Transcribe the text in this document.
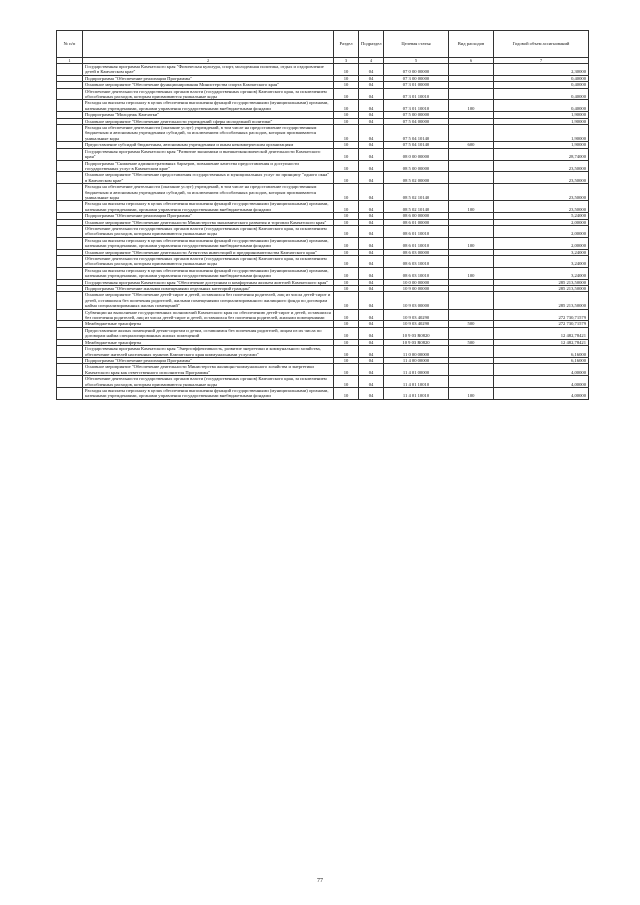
№ п/п		Раздел	Подраздел	Целевая статья	Вид расходов	Годовой объем ассигнований
1	2	3	4	5	6	7
	Государственная программа Камчатского края "Физическая культура, спорт, молодежная политика, отдых и оздоровление детей в Камчатском крае"	10	04	07 0 00 00000		2,30000
	Подпрограмма "Обеспечение реализации Программы"	10	04	07 3 00 00000		0,40000
	Основное мероприятие "Обеспечение функционирования Министерства спорта Камчатского края"	10	04	07 3 01 00000		0,40000
	Обеспечение деятельности государственных органов власти (государственных органов) Камчатского края, за исключением обособленных расходов, которым присваиваются уникальные коды	10	04	07 3 01 10010		0,40000
	Расходы на выплаты персоналу в целях обеспечения выполнения функций государственными (муниципальными) органами, казенными учреждениями, органами управления государственными внебюджетными фондами	10	04	07 3 01 10010	100	0,40000
	Подпрограмма "Молодежь Камчатки"	10	04	07 5 00 00000		1,90000
	Основное мероприятие "Обеспечение деятельности учреждений сферы молодежной политики"	10	04	07 5 04 00000		1,90000
	Расходы на обеспечение деятельности (оказание услуг) учреждений, в том числе на предоставление государственным бюджетным и автономным учреждениям субсидий, за исключением обособленных расходов, которым присваиваются уникальные коды	10	04	07 5 04 10140		1,90000
	Предоставление субсидий бюджетным, автономным учреждениям и иным некоммерческим организациям	10	04	07 5 04 10140	600	1,90000
	Государственная программа Камчатского края "Развитие экономики и внешнеэкономической деятельности Камчатского края"	10	04	08 0 00 00000		28,74000
	Подпрограмма "Снижение административных барьеров, повышение качества предоставления и доступности государственных услуг в Камчатском крае"	10	04	08 5 00 00000		23,50000
	Основное мероприятие "Обеспечение предоставления государственных и муниципальных услуг по принципу "одного окна" в Камчатском крае"	10	04	08 5 02 00000		23,50000
	Расходы на обеспечение деятельности (оказание услуг) учреждений, в том числе на предоставление государственным бюджетным и автономным учреждениям субсидий, за исключением обособленных расходов, которым присваиваются уникальные коды	10	04	08 5 02 10140		23,50000
	Расходы на выплаты персоналу в целях обеспечения выполнения функций государственными (муниципальными) органами, казенными учреждениями, органами управления государственными внебюджетными фондами	10	04	08 5 02 10140	100	23,50000
	Подпрограмма "Обеспечение реализации Программы"	10	04	08 6 00 00000		5,24000
	Основное мероприятие "Обеспечение деятельности Министерства экономического развития и торговли Камчатского края"	10	04	08 6 01 00000		2,00000
	Обеспечение деятельности государственных органов власти (государственных органов) Камчатского края, за исключением обособленных расходов, которым присваиваются уникальные коды	10	04	08 6 01 10010		2,00000
	Расходы на выплаты персоналу в целях обеспечения выполнения функций государственными (муниципальными) органами, казенными учреждениями, органами управления государственными внебюджетными фондами	10	04	08 6 01 10010	100	2,00000
	Основное мероприятие "Обеспечение деятельности Агентства инвестиций и предпринимательства Камчатского края"	10	04	08 6 03 00000		3,24000
	Обеспечение деятельности государственных органов власти (государственных органов) Камчатского края, за исключением обособленных расходов, которым присваиваются уникальные коды	10	04	08 6 03 10010		3,24000
	Расходы на выплаты персоналу в целях обеспечения выполнения функций государственными (муниципальными) органами, казенными учреждениями, органами управления государственными внебюджетными фондами	10	04	08 6 03 10010	100	3,24000
	Государственная программа Камчатского края "Обеспечение доступным и комфортным жильем жителей Камчатского края"	10	04	10 0 00 00000		285 213,50000
	Подпрограмма "Обеспечение жилыми помещениями отдельных категорий граждан"	10	04	10 9 00 00000		285 213,50000
	Основное мероприятие "Обеспечение детей-сирот и детей, оставшихся без попечения родителей, лиц из числа детей-сирот и детей, оставшихся без попечения родителей, жилыми помещениями специализированного жилищного фонда по договорам найма специализированных жилых помещений"	10	04	10 9 03 00000		285 213,50000
	Субвенции на выполнение государственных полномочий Камчатского края по обеспечению детей-сирот и детей, оставшихся без попечения родителей, лиц из числа детей-сирот и детей, оставшихся без попечения родителей, жилыми помещениями	10	04	10 9 03 40290		272 730,71579
	Межбюджетные трансферты	10	04	10 9 03 40290	500	272 730,71579
	Предоставление жилых помещений детям-сиротам и детям, оставшимся без попечения родителей, лицам из их числа по договорам найма специализированных жилых помещений	10	04	10 9 03 R0820		12 482,78421
	Межбюджетные трансферты	10	04	10 9 03 R0820	500	12 482,78421
	Государственная программа Камчатского края "Энергоэффективность, развитие энергетики и коммунального хозяйства, обеспечение жителей населенных пунктов Камчатского края коммунальными услугами"	10	04	11 0 00 00000		6,16000
	Подпрограмма "Обеспечение реализации Программы"	10	04	11 4 00 00000		6,16000
	Основное мероприятие "Обеспечение деятельности Министерства жилищно-коммунального хозяйства и энергетики Камчатского края как ответственного исполнителя Программы"	10	04	11 4 01 00000		4,00000
	Обеспечение деятельности государственных органов власти (государственных органов) Камчатского края, за исключением обособленных расходов, которым присваиваются уникальные коды	10	04	11 4 01 10010		4,00000
	Расходы на выплаты персоналу в целях обеспечения выполнения функций государственными (муниципальными) органами, казенными учреждениями, органами управления государственными внебюджетными фондами	10	04	11 4 01 10010	100	4,00000
77
